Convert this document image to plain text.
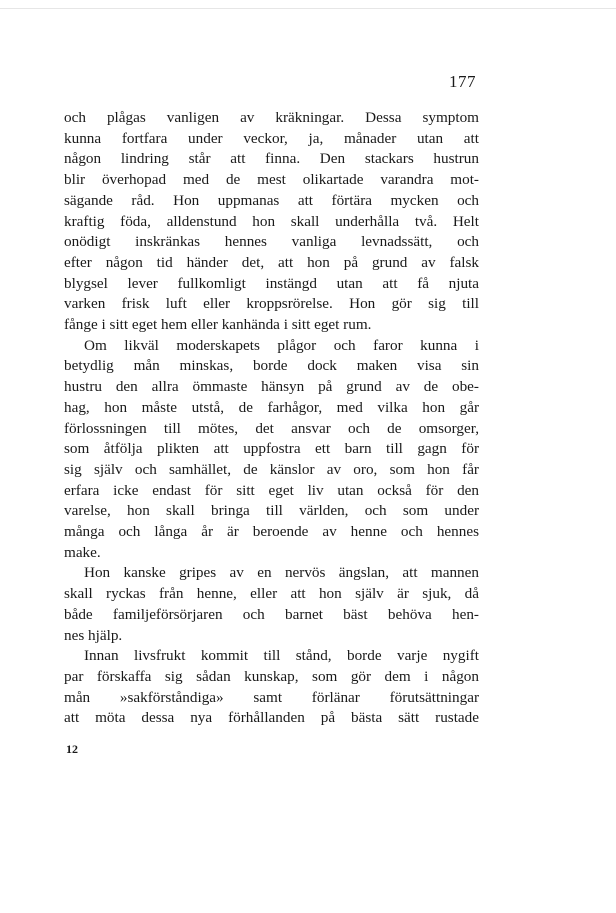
177
och plågas vanligen av kräkningar. Dessa symptom
kunna fortfara under veckor, ja, månader utan att
någon lindring står att finna. Den stackars hustrun
blir överhopad med de mest olikartade varandra mot-
sägande råd. Hon uppmanas att förtära mycken och
kraftig föda, alldenstund hon skall underhålla två. Helt
onödigt inskränkas hennes vanliga levnadssätt, och
efter någon tid händer det, att hon på grund av falsk
blygsel lever fullkomligt instängd utan att få njuta
varken frisk luft eller kroppsrörelse. Hon gör sig till
fånge i sitt eget hem eller kanhända i sitt eget rum.
Om likväl moderskapets plågor och faror kunna i
betydlig mån minskas, borde dock maken visa sin
hustru den allra ömmaste hänsyn på grund av de obe-
hag, hon måste utstå, de farhågor, med vilka hon går
förlossningen till mötes, det ansvar och de omsorger,
som åtfölja plikten att uppfostra ett barn till gagn för
sig själv och samhället, de känslor av oro, som hon får
erfara icke endast för sitt eget liv utan också för den
varelse, hon skall bringa till världen, och som under
många och långa år är beroende av henne och hennes
make.
Hon kanske gripes av en nervös ängslan, att mannen
skall ryckas från henne, eller att hon själv är sjuk, då
både familjeförsörjaren och barnet bäst behöva hen-
nes hjälp.
Innan livsfrukt kommit till stånd, borde varje nygift
par förskaffa sig sådan kunskap, som gör dem i någon
mån »sakförståndiga» samt förlänar förutsättningar
att möta dessa nya förhållanden på bästa sätt rustade
12
